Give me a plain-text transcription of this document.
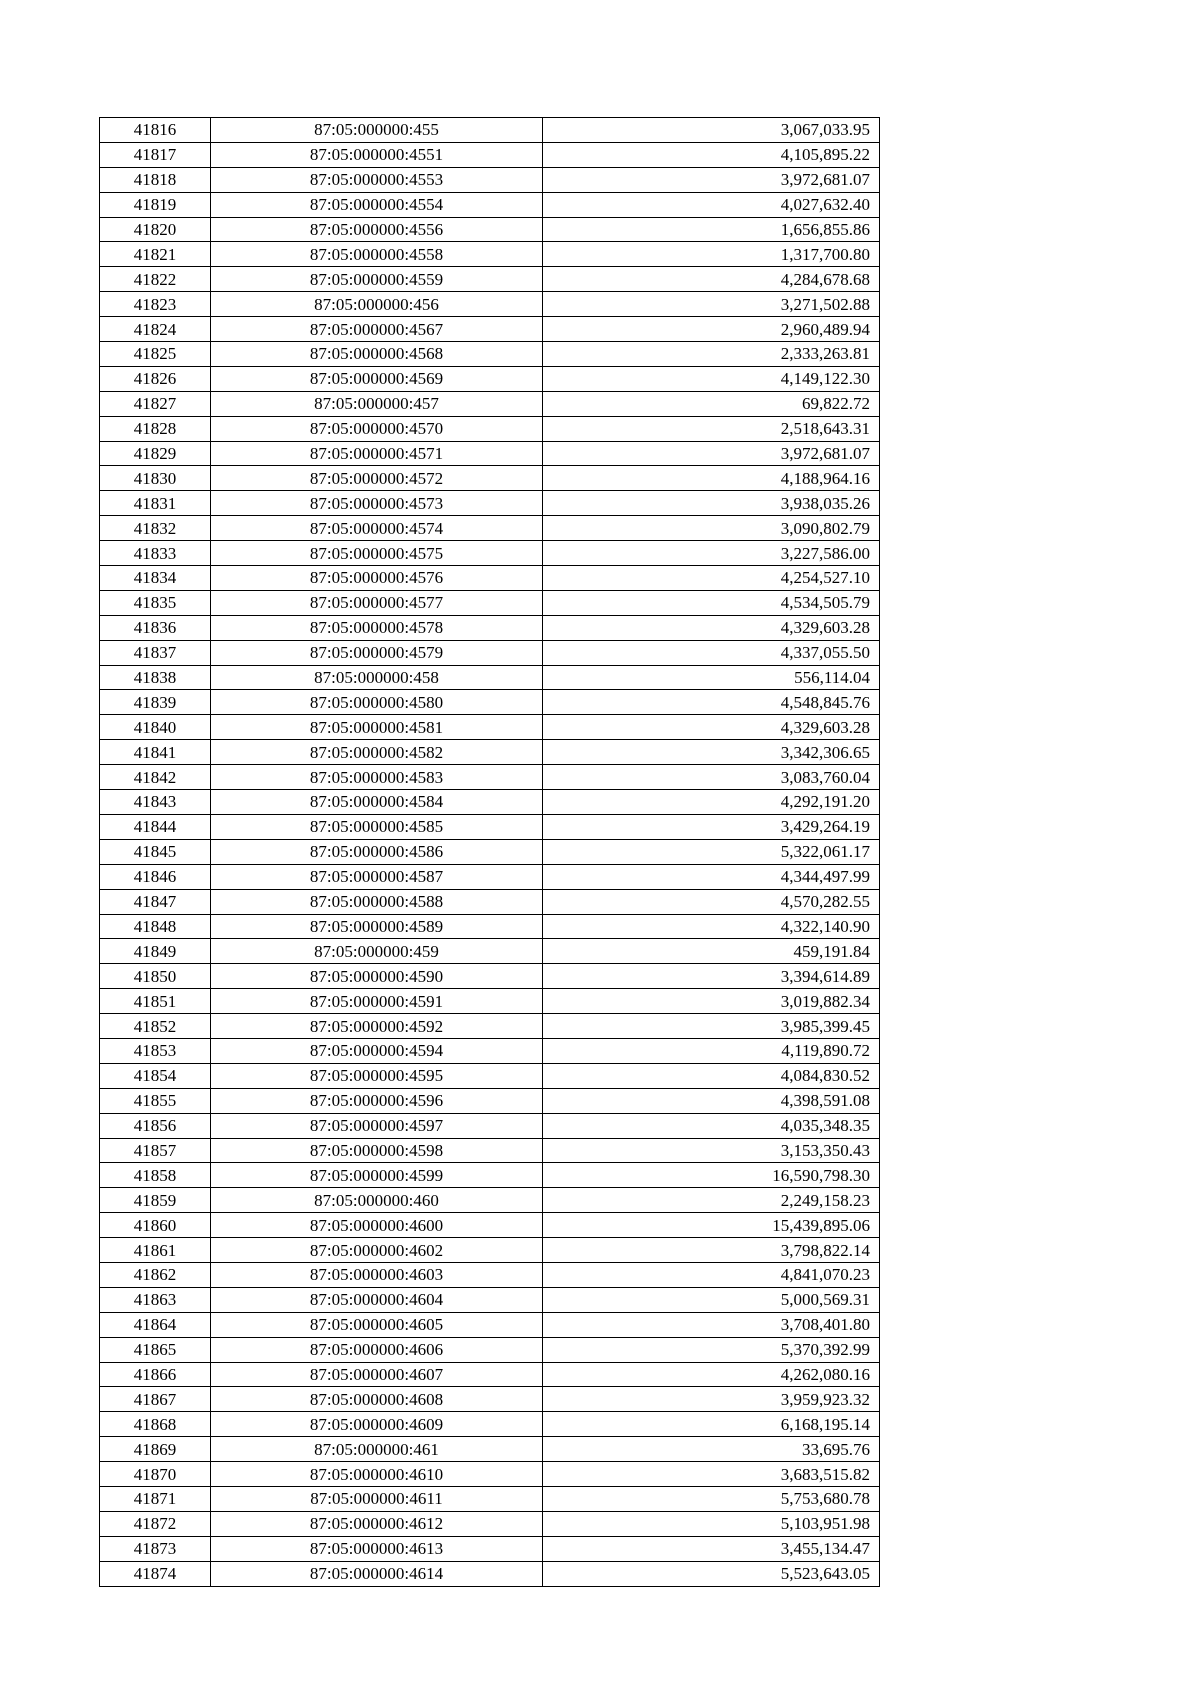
41816	87:05:000000:455	3,067,033.95
41817	87:05:000000:4551	4,105,895.22
41818	87:05:000000:4553	3,972,681.07
41819	87:05:000000:4554	4,027,632.40
41820	87:05:000000:4556	1,656,855.86
41821	87:05:000000:4558	1,317,700.80
41822	87:05:000000:4559	4,284,678.68
41823	87:05:000000:456	3,271,502.88
41824	87:05:000000:4567	2,960,489.94
41825	87:05:000000:4568	2,333,263.81
41826	87:05:000000:4569	4,149,122.30
41827	87:05:000000:457	69,822.72
41828	87:05:000000:4570	2,518,643.31
41829	87:05:000000:4571	3,972,681.07
41830	87:05:000000:4572	4,188,964.16
41831	87:05:000000:4573	3,938,035.26
41832	87:05:000000:4574	3,090,802.79
41833	87:05:000000:4575	3,227,586.00
41834	87:05:000000:4576	4,254,527.10
41835	87:05:000000:4577	4,534,505.79
41836	87:05:000000:4578	4,329,603.28
41837	87:05:000000:4579	4,337,055.50
41838	87:05:000000:458	556,114.04
41839	87:05:000000:4580	4,548,845.76
41840	87:05:000000:4581	4,329,603.28
41841	87:05:000000:4582	3,342,306.65
41842	87:05:000000:4583	3,083,760.04
41843	87:05:000000:4584	4,292,191.20
41844	87:05:000000:4585	3,429,264.19
41845	87:05:000000:4586	5,322,061.17
41846	87:05:000000:4587	4,344,497.99
41847	87:05:000000:4588	4,570,282.55
41848	87:05:000000:4589	4,322,140.90
41849	87:05:000000:459	459,191.84
41850	87:05:000000:4590	3,394,614.89
41851	87:05:000000:4591	3,019,882.34
41852	87:05:000000:4592	3,985,399.45
41853	87:05:000000:4594	4,119,890.72
41854	87:05:000000:4595	4,084,830.52
41855	87:05:000000:4596	4,398,591.08
41856	87:05:000000:4597	4,035,348.35
41857	87:05:000000:4598	3,153,350.43
41858	87:05:000000:4599	16,590,798.30
41859	87:05:000000:460	2,249,158.23
41860	87:05:000000:4600	15,439,895.06
41861	87:05:000000:4602	3,798,822.14
41862	87:05:000000:4603	4,841,070.23
41863	87:05:000000:4604	5,000,569.31
41864	87:05:000000:4605	3,708,401.80
41865	87:05:000000:4606	5,370,392.99
41866	87:05:000000:4607	4,262,080.16
41867	87:05:000000:4608	3,959,923.32
41868	87:05:000000:4609	6,168,195.14
41869	87:05:000000:461	33,695.76
41870	87:05:000000:4610	3,683,515.82
41871	87:05:000000:4611	5,753,680.78
41872	87:05:000000:4612	5,103,951.98
41873	87:05:000000:4613	3,455,134.47
41874	87:05:000000:4614	5,523,643.05
